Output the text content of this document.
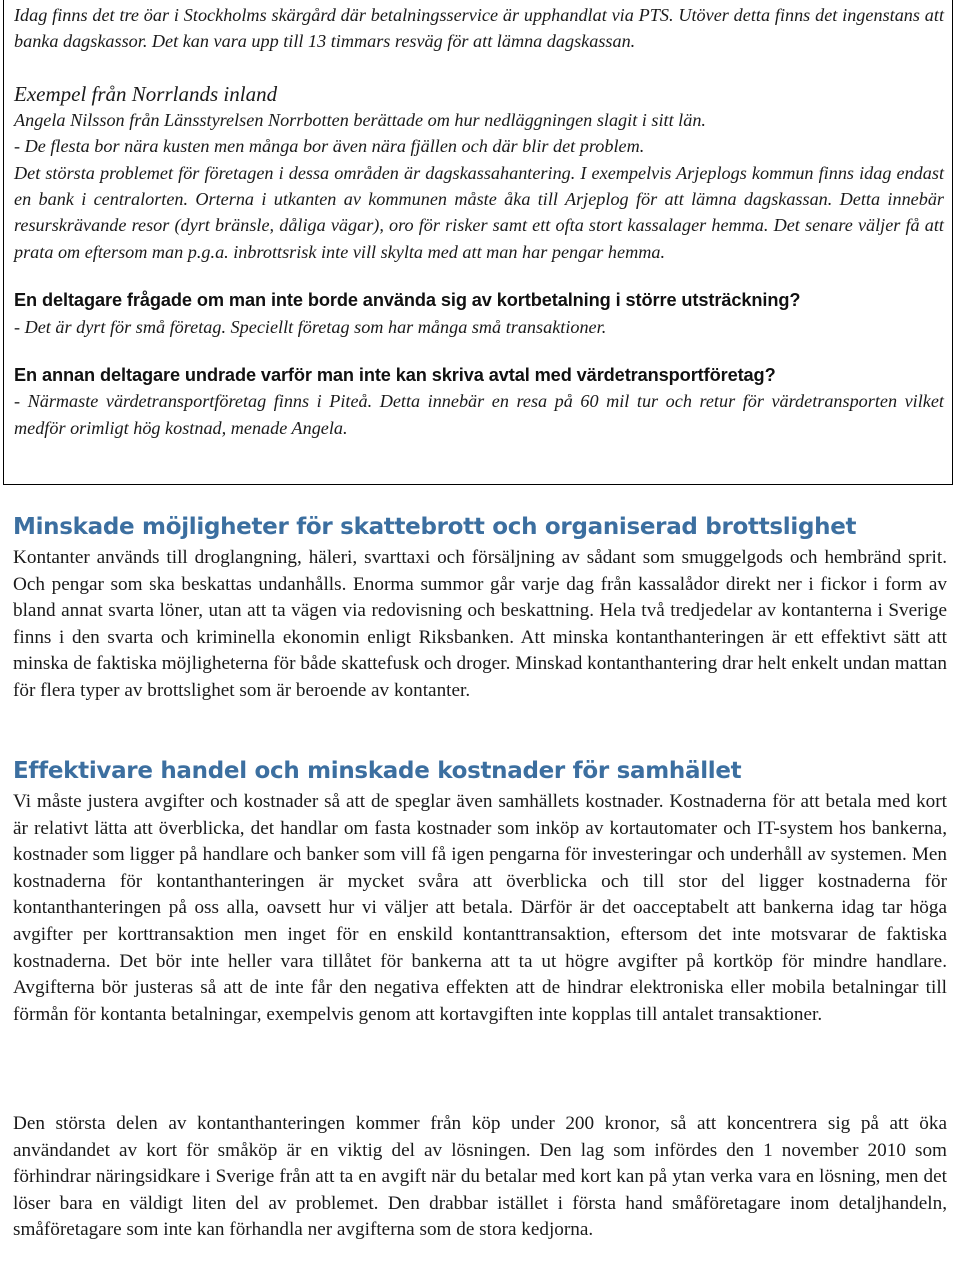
Idag finns det tre öar i Stockholms skärgård där betalningsservice är upphandlat via PTS. Utöver detta finns det ingenstans att banka dagskassor. Det kan vara upp till 13 timmars resväg för att lämna dagskassan.

Exempel från Norrlands inland

Angela Nilsson från Länsstyrelsen Norrbotten berättade om hur nedläggningen slagit i sitt län.

- De flesta bor nära kusten men många bor även nära fjällen och där blir det problem.

Det största problemet för företagen i dessa områden är dagskassahantering. I exempelvis Arjeplogs kommun finns idag endast en bank i centralorten. Orterna i utkanten av kommunen måste åka till Arjeplog för att lämna dagskassan. Detta innebär resurskrävande resor (dyrt bränsle, dåliga vägar), oro för risker samt ett ofta stort kassalager hemma. Det senare väljer få att prata om eftersom man p.g.a. inbrottsrisk inte vill skylta med att man har pengar hemma.

En deltagare frågade om man inte borde använda sig av kortbetalning i större utsträckning?

- Det är dyrt för små företag. Speciellt företag som har många små transaktioner.

En annan deltagare undrade varför man inte kan skriva avtal med värdetransportföretag?

- Närmaste värdetransportföretag finns i Piteå. Detta innebär en resa på 60 mil tur och retur för värdetransporten vilket medför orimligt hög kostnad, menade Angela.

Minskade möjligheter för skattebrott och organiserad brottslighet

Kontanter används till droglangning, häleri, svarttaxi och försäljning av sådant som smuggelgods och hembränd sprit. Och pengar som ska beskattas undanhålls. Enorma summor går varje dag från kassalådor direkt ner i fickor i form av bland annat svarta löner, utan att ta vägen via redovisning och beskattning. Hela två tredjedelar av kontanterna i Sverige finns i den svarta och kriminella ekonomin enligt Riksbanken. Att minska kontanthanteringen är ett effektivt sätt att minska de faktiska möjligheterna för både skattefusk och droger. Minskad kontanthantering drar helt enkelt undan mattan för flera typer av brottslighet som är beroende av kontanter.

Effektivare handel och minskade kostnader för samhället

Vi måste justera avgifter och kostnader så att de speglar även samhällets kostnader. Kostnaderna för att betala med kort är relativt lätta att överblicka, det handlar om fasta kostnader som inköp av kortautomater och IT-system hos bankerna, kostnader som ligger på handlare och banker som vill få igen pengarna för investeringar och underhåll av systemen. Men kostnaderna för kontanthanteringen är mycket svåra att överblicka och till stor del ligger kostnaderna för kontanthanteringen på oss alla, oavsett hur vi väljer att betala. Därför är det oacceptabelt att bankerna idag tar höga avgifter per korttransaktion men inget för en enskild kontanttransaktion, eftersom det inte motsvarar de faktiska kostnaderna. Det bör inte heller vara tillåtet för bankerna att ta ut högre avgifter på kortköp för mindre handlare. Avgifterna bör justeras så att de inte får den negativa effekten att de hindrar elektroniska eller mobila betalningar till förmån för kontanta betalningar, exempelvis genom att kortavgiften inte kopplas till antalet transaktioner.

Den största delen av kontanthanteringen kommer från köp under 200 kronor, så att koncentrera sig på att öka användandet av kort för småköp är en viktig del av lösningen. Den lag som infördes den 1 november 2010 som förhindrar näringsidkare i Sverige från att ta en avgift när du betalar med kort kan på ytan verka vara en lösning, men det löser bara en väldigt liten del av problemet. Den drabbar istället i första hand småföretagare inom detaljhandeln, småföretagare som inte kan förhandla ner avgifterna som de stora kedjorna.
